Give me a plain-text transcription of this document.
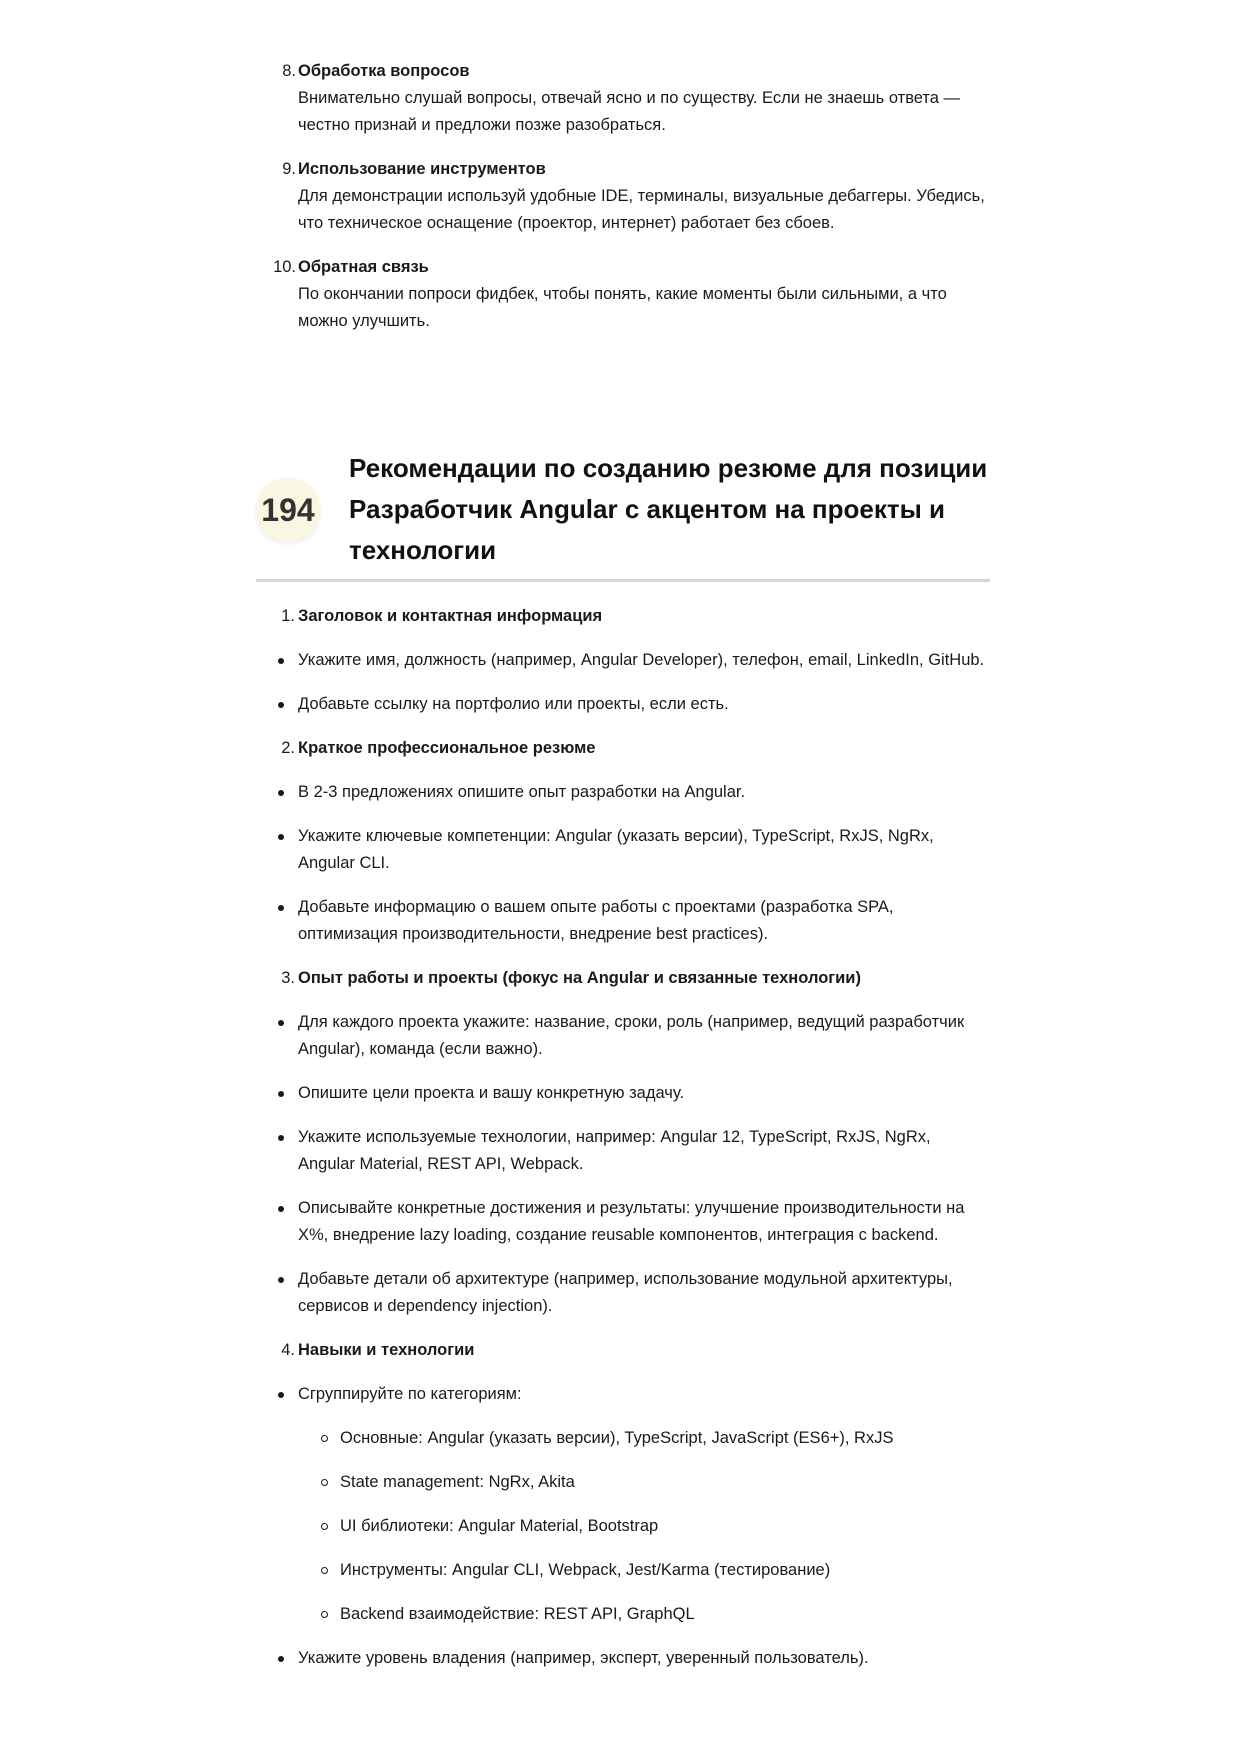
8. Обработка вопросов
Внимательно слушай вопросы, отвечай ясно и по существу. Если не знаешь ответа — честно признай и предложи позже разобраться.
9. Использование инструментов
Для демонстрации используй удобные IDE, терминалы, визуальные дебаггеры. Убедись, что техническое оснащение (проектор, интернет) работает без сбоев.
10. Обратная связь
По окончании попроси фидбек, чтобы понять, какие моменты были сильными, а что можно улучшить.
194
Рекомендации по созданию резюме для позиции Разработчик Angular с акцентом на проекты и технологии
1. Заголовок и контактная информация
Укажите имя, должность (например, Angular Developer), телефон, email, LinkedIn, GitHub.
Добавьте ссылку на портфолио или проекты, если есть.
2. Краткое профессиональное резюме
В 2-3 предложениях опишите опыт разработки на Angular.
Укажите ключевые компетенции: Angular (указать версии), TypeScript, RxJS, NgRx, Angular CLI.
Добавьте информацию о вашем опыте работы с проектами (разработка SPA, оптимизация производительности, внедрение best practices).
3. Опыт работы и проекты (фокус на Angular и связанные технологии)
Для каждого проекта укажите: название, сроки, роль (например, ведущий разработчик Angular), команда (если важно).
Опишите цели проекта и вашу конкретную задачу.
Укажите используемые технологии, например: Angular 12, TypeScript, RxJS, NgRx, Angular Material, REST API, Webpack.
Описывайте конкретные достижения и результаты: улучшение производительности на X%, внедрение lazy loading, создание reusable компонентов, интеграция с backend.
Добавьте детали об архитектуре (например, использование модульной архитектуры, сервисов и dependency injection).
4. Навыки и технологии
Сгруппируйте по категориям:
Основные: Angular (указать версии), TypeScript, JavaScript (ES6+), RxJS
State management: NgRx, Akita
UI библиотеки: Angular Material, Bootstrap
Инструменты: Angular CLI, Webpack, Jest/Karma (тестирование)
Backend взаимодействие: REST API, GraphQL
Укажите уровень владения (например, эксперт, уверенный пользователь).
